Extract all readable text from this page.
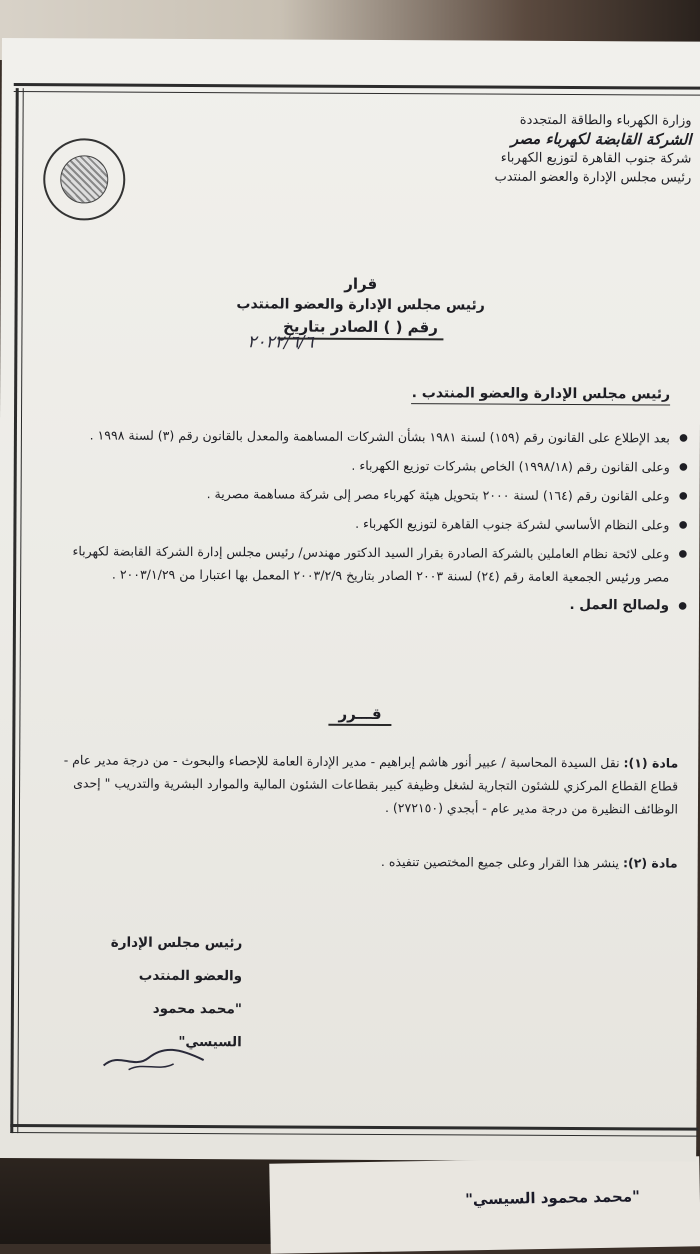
"محمد محمود السيسي"
وزارة الكهرباء والطاقة المتجددة
الشركة القابضة لكهرباء مصر
شركة جنوب القاهرة لتوزيع الكهرباء
رئيس مجلس الإدارة والعضو المنتدب
قرار
رئيس مجلس الإدارة والعضو المنتدب
رقم ( ) الصادر بتاريخ
٢٠٢٢/٦/٦
رئيس مجلس الإدارة والعضو المنتدب .
● بعد الإطلاع على القانون رقم (١٥٩) لسنة ١٩٨١ بشأن الشركات المساهمة والمعدل بالقانون رقم (٣) لسنة ١٩٩٨ .
● وعلى القانون رقم (١٩٩٨/١٨) الخاص بشركات توزيع الكهرباء .
● وعلى القانون رقم (١٦٤) لسنة ٢٠٠٠ بتحويل هيئة كهرباء مصر إلى شركة مساهمة مصرية .
● وعلى النظام الأساسي لشركة جنوب القاهرة لتوزيع الكهرباء .
● وعلى لائحة نظام العاملين بالشركة الصادرة بقرار السيد الدكتور مهندس/ رئيس مجلس إدارة الشركة القابضة لكهرباء مصر ورئيس الجمعية العامة رقم (٢٤) لسنة ٢٠٠٣ الصادر بتاريخ ٢٠٠٣/٢/٩ المعمل بها اعتبارا من ٢٠٠٣/١/٢٩ .
● ولصالح العمل .
قـــرر
مادة (١): نقل السيدة المحاسبة / عبير أنور هاشم إبراهيم - مدير الإدارة العامة للإحصاء والبحوث - من درجة مدير عام - قطاع القطاع المركزي للشئون التجارية لشغل وظيفة كبير بقطاعات الشئون المالية والموارد البشرية والتدريب " إحدى الوظائف النظيرة من درجة مدير عام - أبجدي (٢٧٢١٥٠) .
مادة (٢): ينشر هذا القرار وعلى جميع المختصين تنفيذه .
رئيس مجلس الإدارة
والعضو المنتدب
"محمد محمود السيسي"
